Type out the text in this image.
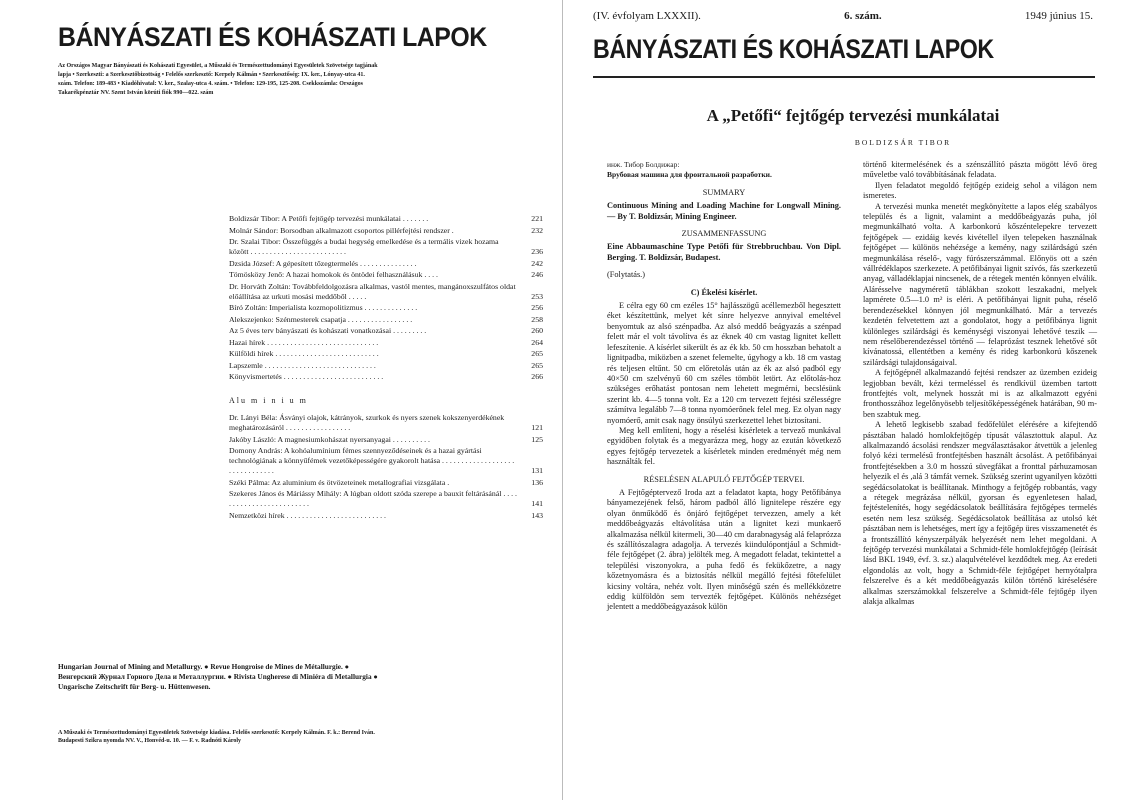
BÁNYÁSZATI ÉS KOHÁSZATI LAPOK
Az Országos Magyar Bányászati és Kohászati Egyesület, a Műszaki és Természettudományi Egyesületek Szövetsége tagjának lapja • Szerkeszti: a Szerkesztőbizottság • Felelős szerkesztő: Kerpely Kálmán • Szerkesztőség: IX. ker., Lónyay-utca 41. szám. Telefon: 189-483 • Kiadóhivatal: V. ker., Szalay-utca 4. szám. • Telefon: 129-195, 125-208. Csekkszámla: Országos Takarékpénztár NV. Szent István körúti fiók 990—022. szám
Boldizsár Tibor: A Petőfi fejtőgép tervezési munkálatai . . . . . . .	221
Molnár Sándor: Borsodban alkalmazott csoportos pillérfejtési rendszer .	232
Dr. Szalai Tibor: Összefüggés a budai hegység emelkedése és a termális vizek hozama között . . . . . . . . . . . . . . . . . . . . . . . . .	236
Dzsida József: A gépesített tőzegtermelés . . . . . . . . . . . . . . .	242
Tömösközy Jenő: A hazai homokok és öntödei felhasználásuk . . . .	246
Dr. Horváth Zoltán: Továbbfeldolgozásra alkalmas, vastól mentes, mangánoxszulfátos oldat előállítása az urkuti mosási meddőből . . . . .	253
Bíró Zoltán: Imperialista kozmopolitizmus . . . . . . . . . . . . . .	256
Alekszejenko: Szénmesterek csapatja . . . . . . . . . . . . . . . . .	258
Az 5 éves terv bányászati és kohászati vonatkozásai . . . . . . . . .	260
Hazai hírek . . . . . . . . . . . . . . . . . . . . . . . . . . . . .	264
Külföldi hírek . . . . . . . . . . . . . . . . . . . . . . . . . . .	265
Lapszemle . . . . . . . . . . . . . . . . . . . . . . . . . . . . .	265
Könyvismertetés . . . . . . . . . . . . . . . . . . . . . . . . . .	266
Alu m i n i u m
Dr. Lányi Béla: Ásványi olajok, kátrányok, szurkok és nyers szenek kokszenyerdékének meghatározásáról . . . . . . . . . . . . . . . . .	121
Jakóby László: A magnesiumkohászat nyersanyagai . . . . . . . . . .	125
Domony András: A kohóalumínium fémes szennyeződéseinek és a hazai gyártási technológiának a könnyűfémek vezetőképességére gyakorolt hatása . . . . . . . . . . . . . . . . . . . . . . . . . . . . . . .	131
Széki Pálma: Az aluminium és ötvözeteinek metallografiai vizsgálata .	136
Szekeres János és Máriássy Mihály: A lúgban oldott szóda szerepe a bauxit feltárásánál . . . . . . . . . . . . . . . . . . . . . . . . .	141
Nemzetközi hírek . . . . . . . . . . . . . . . . . . . . . . . . . .	143
Hungarian Journal of Mining and Metallurgy. ● Revue Hongroise de Mines de Métallurgie. ● Венгерский Журнал Горного Дела и Металлургии. ● Rivista Ungherese di Miniéra di Metallurgia ● Ungarische Zeitschrift für Berg- u. Hüttenwesen.
A Műszaki és Természettudományi Egyesületek Szövetsége kiadása. Felelős szerkesztő: Kerpely Kálmán. F. k.: Berend Iván. Budapesti Szikra nyomda NV. V., Honvéd-u. 10. — F. v. Radnóti Károly
(IV. évfolyam LXXXII).	6. szám.	1949 június 15.
BÁNYÁSZATI ÉS KOHÁSZATI LAPOK
A „Petőfi“ fejtőgép tervezési munkálatai
BOLDIZSÁR TIBOR

инж. Тибор Болдижар:

Врубовая машина для фронтальной разработки.

SUMMARY

Continuous Mining and Loading Machine for Longwall Mining. — By T. Boldizsár, Mining Engineer.

ZUSAMMENFASSUNG

Eine Abbaumaschine Type Petőfi für Strebbruchbau. Von Dipl. Berging. T. Boldizsár, Budapest.

(Folytatás.)

C) Ékelési kísérlet.

E célra egy 60 cm ezéles 15° hajlásszögű acéllemezből hegesztett éket készítettünk, melyet két sínre helyezve annyival emeltével benyomtuk az alsó szénpadba. Az alsó meddő beágyazás a szénpad felett már el volt távolítva és az éknek 40 cm vastag lignitet kellett lefeszítenie. A kísérlet sikerült és az ék kb. 50 cm hosszban behatolt a lignitpadba, miközben a szenet felemelte, úgyhogy a kb. 18 cm vastag rés teljesen eltűnt. 50 cm előretolás után az ék az alsó padból egy 40×50 cm szelvényű 60 cm széles tömböt letört. Az előtolás-hoz szükséges erőhatást pontosan nem lehetett megmérni, becslésünk szerint kb. 4—5 tonna volt. Ez a 120 cm tervezett fejtési szélességre számítva legalább 7—8 tonna nyomóerőnek felel meg. Ez olyan nagy nyomóerő, amit csak nagy önsúlyú szerkezettel lehet biztosítani.

Meg kell említeni, hogy a réselési kísérletek a tervező munkával egyidőben folytak és a megyarázza meg, hogy az ezután következő egyes fejtőgép tervezetek a kísérletek minden eredményét még nem használták fel.

RÉSELÉSEN ALAPULÓ FEJTŐGÉP TERVEI.

A Fejtőgéptervező Iroda azt a feladatot kapta, hogy Petőfibánya bányamezejének felső, három padból álló lignitelepe részére egy olyan önműködő és önjáró fejtőgépet tervezzen, amely a két meddőbeágyazás eltávolítása után a lignitet kezi munkaerő alkalmazása nélkül kitermeli, 30—40 cm darabnagyság alá felaprózza és szállítószalagra adagolja. A tervezés kiindulópontjául a Schmidt-féle fejtőgépet (2. ábra) jelölték meg. A megadott feladat, tekintettel a települési viszonyokra, a puha fedő és fekükőzetre, a nagy kőzetnyomásra és a biztosítás nélkül megálló fejtési főtefelület kicsiny voltára, nehéz volt. Ilyen minőségű szén és mellékközetre eddig külföldön sem tervezték fejtőgépet. Különös nehézséget jelentett a meddőbeágyazások külön

történő kitermelésének és a szénszállító pászta mögött lévő öreg műveletbe való továbbításának feladata.

Ilyen feladatot megoldó fejtőgép ezideig sehol a világon nem ismeretes.

A tervezési munka menetét megkönyítette a lapos elég szabályos település és a lignit, valamint a meddőbeágyazás puha, jól megmunkálható volta. A karbonkorú kőszéntelepekre tervezett fejtőgépek — ezidáig kevés kivétellel ilyen telepeken használnak fejtőgépet — különös nehézsége a kemény, nagy szilárdságú szén megmunkálása réselő-, vagy fúrószerszámmal. Előnyös ott a szén vállrédéklapos szerkezete. A petőfibányai lignit szívós, fás szerkezetű anyag, válladéklapjai nincsenek, de a rétegek mentén könnyen elválik. Alárésselve nagyméretű táblákban szokott leszakadni, melyek lapmérete 0.5—1.0 m² is eléri. A petőfibányai lignit puha, réselő berendezésekkel könnyen jól megmunkálható. Már a tervezés kezdetén felvetettem azt a gondolatot, hogy a petőfibánya lignit különleges szilárdsági és keménységi viszonyai lehetővé teszik — nem réselőberendezéssel történő — felaprózást tesznek lehetővé sőt kívánatossá, ellentétben a kemény és rideg karbonkorú kőszenek szilárdsági tulajdonságaival.

A fejtőgépnél alkalmazandó fejtési rendszer az üzemben ezideig legjobban bevált, kézi termeléssel és rendkívül üzemben tartott frontfejtés volt, melynek hosszát mi is az alkalmazott egyéni fronthosszához legelőnyösebb teljesítőképességének határában, 90 m-ben szabtuk meg.

A lehető legkisebb szabad fedőfelület elérésére a kifejtendő pásztában haladó homlokfejtőgép típusát választottuk alapul. Az alkalmazandó ácsolási rendszer megválasztásakor átvettük a jelenleg folyó kézi termelésű frontfejtésben használt ácsolást. A petőfibányai frontfejtésekben a 3.0 m hosszú süvegfákat a fronttal párhuzamosan helyezik el és ,alá 3 támfát vernek. Szükség szerint ugyanilyen közötti segédácsolatokat is beállítanak. Minthogy a fejtőgép robbantás, vagy a rétegek megrázása nélkül, gyorsan és egyenletesen halad, fejtéstelenítés, hogy segédácsolatok beállítására fejtőgépes termelés esetén nem lesz szükség. Segédácsolatok beállítása az utolsó két pásztában nem is lehetséges, mert így a fejtőgép üres visszamenetét és a frontszállító kényszerpályák helyezését nem lehet megoldani. A fejtőgép tervezési munkálatai a Schmidt-féle homlokfejtőgép (leírását lásd BKL 1949, évf. 3. sz.) alaqulvételével kezdődtek meg. Az eredeti elgondolás az volt, hogy a Schmidt-féle fejtőgépet hernyótalpra felszerelve és a két meddőbeágyazás külön történő kiréselésére alkalmas szerszámokkal felszerelve a Schmidt-féle fejtőgép ilyen alakja alkalmas
